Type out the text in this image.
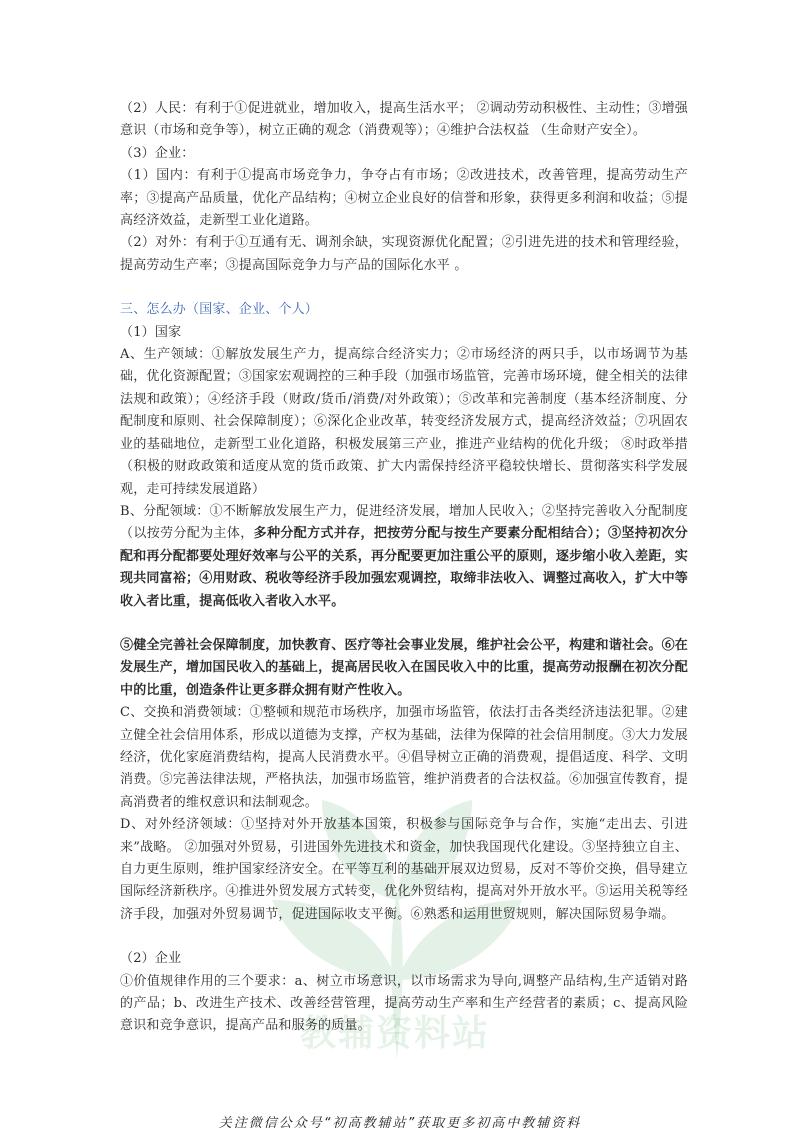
教辅资料站

（2）人民：有利于①促进就业，增加收入，提高生活水平； ②调动劳动积极性、主动性；③增强意识（市场和竞争等），树立正确的观念（消费观等）；④维护合法权益 （生命财产安全）。

（3）企业：

（1）国内：有利于①提高市场竞争力，争夺占有市场；②改进技术，改善管理，提高劳动生产率；③提高产品质量，优化产品结构；④树立企业良好的信誉和形象，获得更多利润和收益；⑤提高经济效益，走新型工业化道路。

（2）对外：有利于①互通有无、调剂余缺，实现资源优化配置；②引进先进的技术和管理经验，提高劳动生产率；③提高国际竞争力与产品的国际化水平 。

三、怎么办（国家、企业、个人）

（1）国家

A、生产领域：①解放发展生产力，提高综合经济实力；②市场经济的两只手，以市场调节为基础，优化资源配置；③国家宏观调控的三种手段（加强市场监管，完善市场环境，健全相关的法律法规和政策）；④经济手段（财政/货币/消费/对外政策）；⑤改革和完善制度（基本经济制度、分配制度和原则、社会保障制度）；⑥深化企业改革，转变经济发展方式，提高经济效益；⑦巩固农业的基础地位，走新型工业化道路，积极发展第三产业，推进产业结构的优化升级； ⑧时政举措（积极的财政政策和适度从宽的货币政策、扩大内需保持经济平稳较快增长、贯彻落实科学发展观，走可持续发展道路）

B、分配领域：①不断解放发展生产力，促进经济发展，增加人民收入；②坚持完善收入分配制度（以按劳分配为主体，多种分配方式并存，把按劳分配与按生产要素分配相结合）；③坚持初次分配和再分配都要处理好效率与公平的关系，再分配要更加注重公平的原则，逐步缩小收入差距，实现共同富裕；④用财政、税收等经济手段加强宏观调控，取缔非法收入、调整过高收入，扩大中等收入者比重，提高低收入者收入水平。

⑤健全完善社会保障制度，加快教育、医疗等社会事业发展，维护社会公平，构建和谐社会。⑥在发展生产，增加国民收入的基础上，提高居民收入在国民收入中的比重，提高劳动报酬在初次分配中的比重，创造条件让更多群众拥有财产性收入。

C、交换和消费领域：①整顿和规范市场秩序，加强市场监管，依法打击各类经济违法犯罪。②建立健全社会信用体系，形成以道德为支撑，产权为基础，法律为保障的社会信用制度。③大力发展经济，优化家庭消费结构，提高人民消费水平。④倡导树立正确的消费观，提倡适度、科学、文明消费。⑤完善法律法规，严格执法，加强市场监管，维护消费者的合法权益。⑥加强宣传教育，提高消费者的维权意识和法制观念。

D、对外经济领域：①坚持对外开放基本国策，积极参与国际竞争与合作，实施“走出去、引进来”战略。 ②加强对外贸易，引进国外先进技术和资金，加快我国现代化建设。③坚持独立自主、自力更生原则，维护国家经济安全。在平等互利的基础开展双边贸易，反对不等价交换，倡导建立国际经济新秩序。④推进外贸发展方式转变，优化外贸结构，提高对外开放水平。⑤运用关税等经济手段，加强对外贸易调节，促进国际收支平衡。⑥熟悉和运用世贸规则，解决国际贸易争端。

（2）企业

①价值规律作用的三个要求：a、树立市场意识，以市场需求为导向,调整产品结构,生产适销对路的产品；b、改进生产技术、改善经营管理，提高劳动生产率和生产经营者的素质；c、提高风险意识和竞争意识，提高产品和服务的质量。

关注微信公众号“初高教辅站”获取更多初高中教辅资料
